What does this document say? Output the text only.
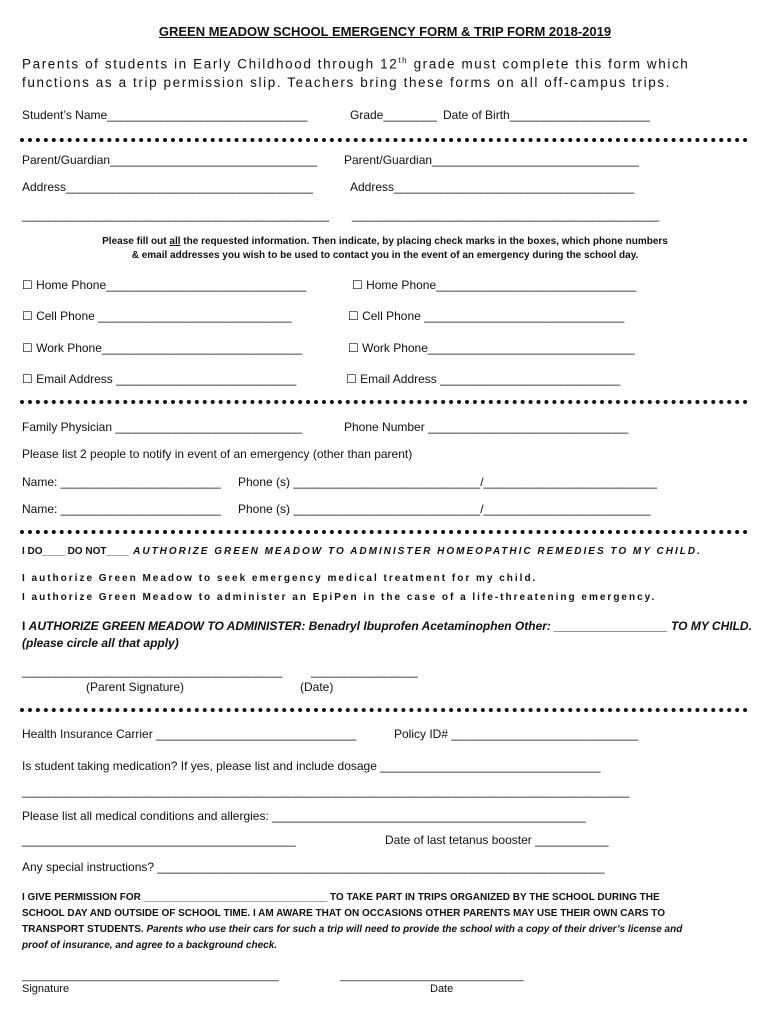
GREEN MEADOW SCHOOL EMERGENCY FORM & TRIP FORM 2018-2019
Parents of students in Early Childhood through 12th grade must complete this form which
functions as a trip permission slip. Teachers bring these forms on all off-campus trips.
Student’s Name______________________________	Grade________ Date of Birth_____________________
Parent/Guardian_______________________________ Parent/Guardian_______________________________
Address_____________________________________	Address____________________________________
______________________________________________ ______________________________________________
Please fill out all the requested information. Then indicate, by placing check marks in the boxes, which phone numbers
& email addresses you wish to be used to contact you in the event of an emergency during the school day.
☐ Home Phone______________________________	☐ Home Phone______________________________
☐ Cell Phone _____________________________	☐ Cell Phone ______________________________
☐ Work Phone______________________________	☐ Work Phone_______________________________
☐ Email Address ___________________________	☐ Email Address ___________________________
Family Physician ____________________________	Phone Number ______________________________
Please list 2 people to notify in event of an emergency (other than parent)
Name: ________________________ Phone (s) ____________________________/__________________________
Name: ________________________ Phone (s) ____________________________/_________________________
I DO____ DO NOT____ AUTHORIZE GREEN MEADOW TO ADMINISTER HOMEOPATHIC REMEDIES TO MY CHILD.
I authorize Green Meadow to seek emergency medical treatment for my child.
I authorize Green Meadow to administer an EpiPen in the case of a life-threatening emergency.
I AUTHORIZE GREEN MEADOW TO ADMINISTER: Benadryl Ibuprofen Acetaminophen Other: _________________ TO MY CHILD.
(please circle all that apply)
_______________________________________ ________________
(Parent Signature)	(Date)
Health Insurance Carrier ______________________________	Policy ID# ____________________________
Is student taking medication? If yes, please list and include dosage _________________________________
___________________________________________________________________________________________
Please list all medical conditions and allergies: _______________________________________________
_________________________________________	Date of last tetanus booster ___________
Any special instructions? ___________________________________________________________________
I GIVE PERMISSION FOR _________________________________ TO TAKE PART IN TRIPS ORGANIZED BY THE SCHOOL DURING THE
SCHOOL DAY AND OUTSIDE OF SCHOOL TIME. I AM AWARE THAT ON OCCASIONS OTHER PARENTS MAY USE THEIR OWN CARS TO
TRANSPORT STUDENTS. Parents who use their cars for such a trip will need to provide the school with a copy of their driver’s license and
proof of insurance, and agree to a background check.
__________________________________________	______________________________
Signature	Date
